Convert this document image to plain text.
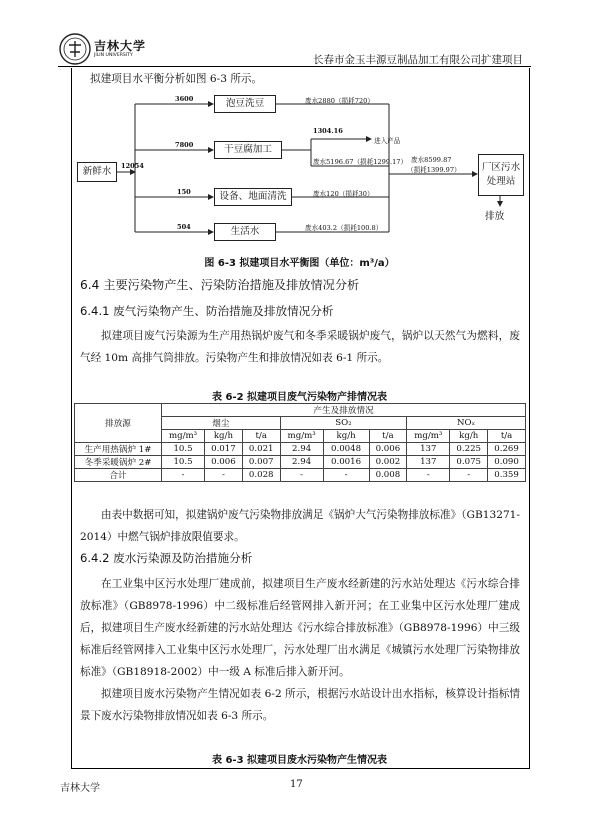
吉林大学
JILIN UNIVERSITY	长春市金玉丰源豆制品加工有限公司扩建项目

拟建项目水平衡分析如图 6-3 所示。

新鲜水	12054
3600	泡豆洗豆	废水2880（损耗720）
7800	干豆腐加工
1304.16
进入产品
废水5196.67（损耗1299.17）
150	设备、地面清洗	废水120（损耗30）
504	生活水	废水403.2（损耗100.8）
废水8599.87
（损耗1399.97） 厂区污水
处理站
排放
图 6-3 拟建项目水平衡图（单位：m³/a）
6.4 主要污染物产生、污染防治措施及排放情况分析
6.4.1 废气污染物产生、防治措施及排放情况分析

拟建项目废气污染源为生产用热锅炉废气和冬季采暖锅炉废气，锅炉以天然气为燃料，废气经 10m 高排气筒排放。污染物产生和排放情况如表 6-1 所示。

表 6-2 拟建项目废气污染物产排情况表
排放源	产生及排放情况								
	烟尘			SO₂			NOₓ		
	mg/m³	kg/h	t/a	mg/m³	kg/h	t/a	mg/m³	kg/h	t/a
生产用热锅炉 1#	10.5	0.017	0.021	2.94	0.0048	0.006	137	0.225	0.269
冬季采暖锅炉 2#	10.5	0.006	0.007	2.94	0.0016	0.002	137	0.075	0.090
合计	-	-	0.028	-	-	0.008	-	-	0.359

由表中数据可知，拟建锅炉废气污染物排放满足《锅炉大气污染物排放标准》（GB13271-2014）中燃气锅炉排放限值要求。

6.4.2 废水污染源及防治措施分析

在工业集中区污水处理厂建成前，拟建项目生产废水经新建的污水站处理达《污水综合排放标准》（GB8978-1996）中二级标准后经管网排入新开河；在工业集中区污水处理厂建成后，拟建项目生产废水经新建的污水站处理达《污水综合排放标准》（GB8978-1996）中三级标准后经管网排入工业集中区污水处理厂，污水处理厂出水满足《城镇污水处理厂污染物排放标准》（GB18918-2002）中一级 A 标准后排入新开河。

拟建项目废水污染物产生情况如表 6-2 所示，根据污水站设计出水指标，核算设计指标情景下废水污染物排放情况如表 6-3 所示。

表 6-3 拟建项目废水污染物产生情况表
吉林大学	17
